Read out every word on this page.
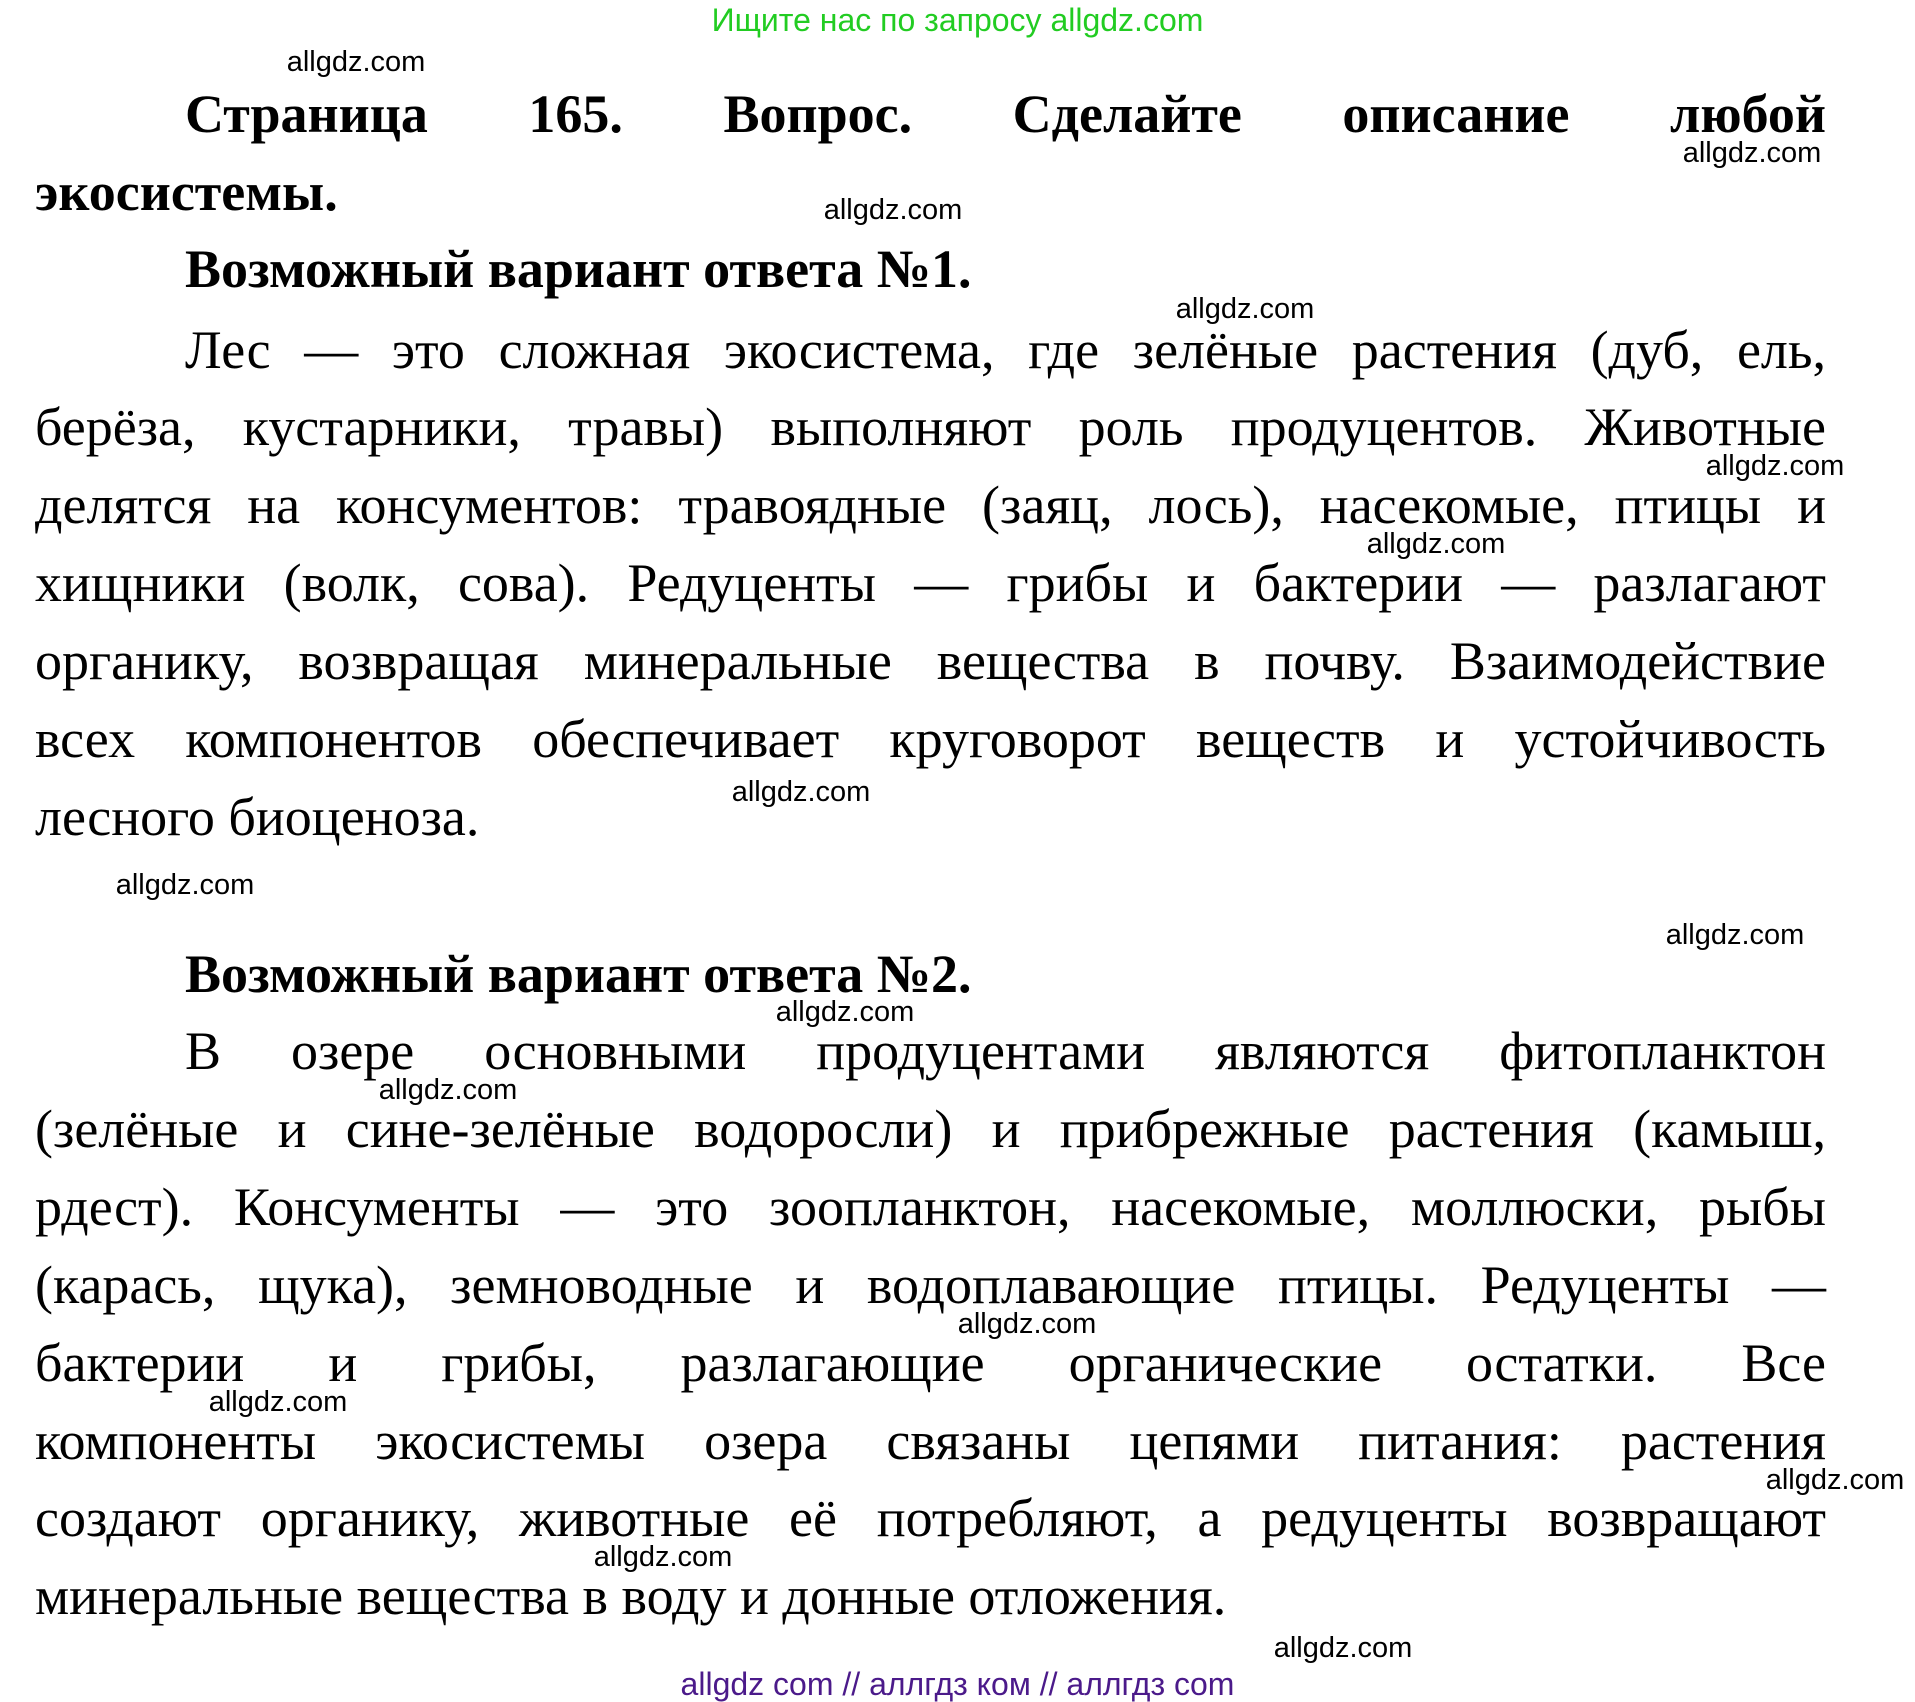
Ищите нас по запросу allgdz.com
Страница 165. Вопрос. Сделайте описание любой
экосистемы.
Возможный вариант ответа №1.
Лес — это сложная экосистема, где зелёные растения (дуб, ель,
берёза, кустарники, травы) выполняют роль продуцентов. Животные
делятся на консументов: травоядные (заяц, лось), насекомые, птицы и
хищники (волк, сова). Редуценты — грибы и бактерии — разлагают
органику, возвращая минеральные вещества в почву. Взаимодействие
всех компонентов обеспечивает круговорот веществ и устойчивость
лесного биоценоза.
Возможный вариант ответа №2.
В озере основными продуцентами являются фитопланктон
(зелёные и сине-зелёные водоросли) и прибрежные растения (камыш,
рдест). Консументы — это зоопланктон, насекомые, моллюски, рыбы
(карась, щука), земноводные и водоплавающие птицы. Редуценты —
бактерии и грибы, разлагающие органические остатки. Все
компоненты экосистемы озера связаны цепями питания: растения
создают органику, животные её потребляют, а редуценты возвращают
минеральные вещества в воду и донные отложения.
allgdz.com
allgdz.com
allgdz.com
allgdz.com
allgdz.com
allgdz.com
allgdz.com
allgdz.com
allgdz.com
allgdz.com
allgdz.com
allgdz.com
allgdz.com
allgdz.com
allgdz.com
allgdz.com
allgdz com // аллгдз ком // аллгдз com
